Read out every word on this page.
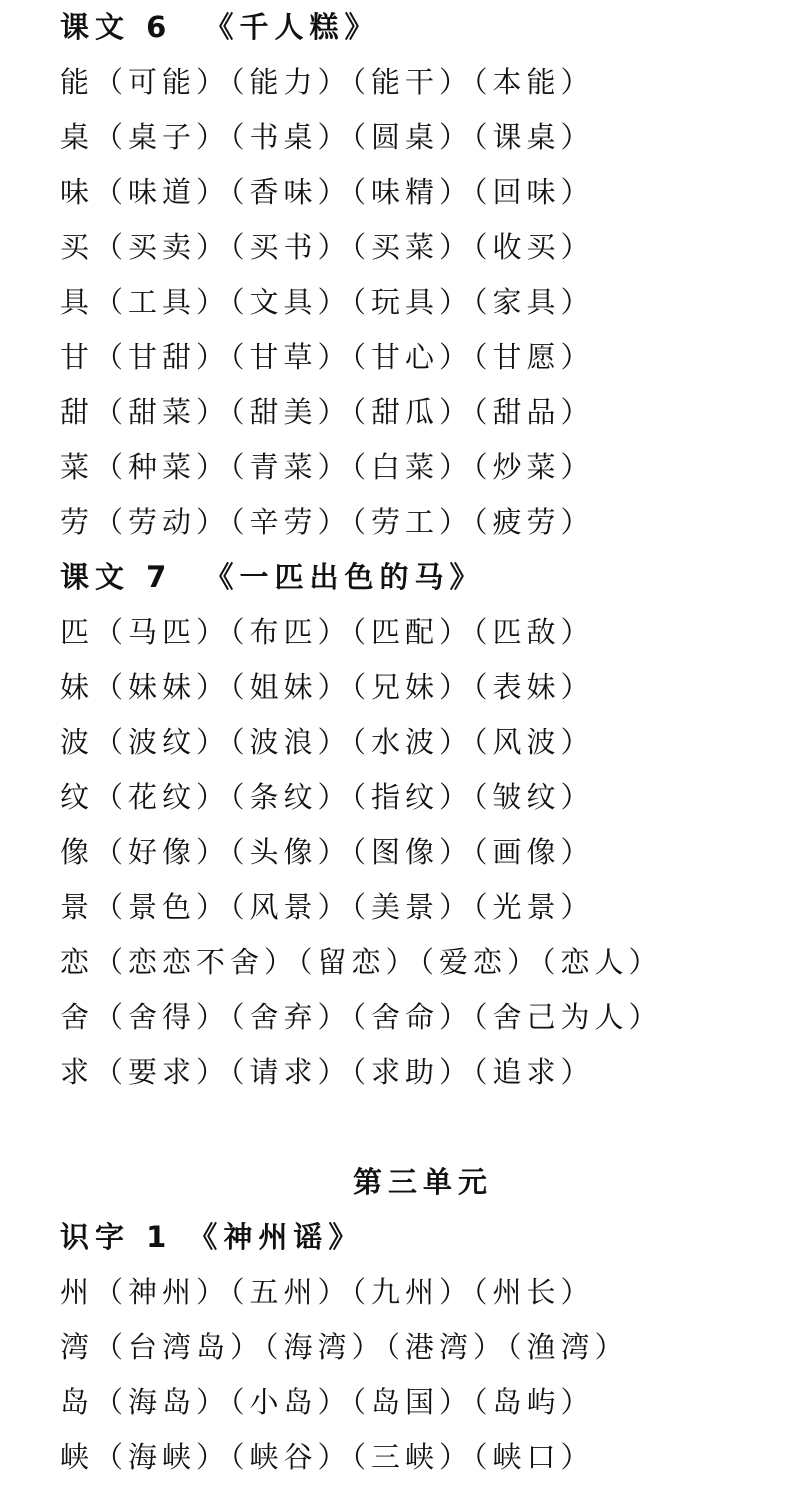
课文 6  《千人糕》
能（可能）（能力）（能干）（本能）
桌（桌子）（书桌）（圆桌）（课桌）
味（味道）（香味）（味精）（回味）
买（买卖）（买书）（买菜）（收买）
具（工具）（文具）（玩具）（家具）
甘（甘甜）（甘草）（甘心）（甘愿）
甜（甜菜）（甜美）（甜瓜）（甜品）
菜（种菜）（青菜）（白菜）（炒菜）
劳（劳动）（辛劳）（劳工）（疲劳）
课文 7  《一匹出色的马》
匹（马匹）（布匹）（匹配）（匹敌）
妹（妹妹）（姐妹）（兄妹）（表妹）
波（波纹）（波浪）（水波）（风波）
纹（花纹）（条纹）（指纹）（皱纹）
像（好像）（头像）（图像）（画像）
景（景色）（风景）（美景）（光景）
恋（恋恋不舍）（留恋）（爱恋）（恋人）
舍（舍得）（舍弃）（舍命）（舍己为人）
求（要求）（请求）（求助）（追求）
第三单元
识字 1 《神州谣》
州（神州）（五州）（九州）（州长）
湾（台湾岛）（海湾）（港湾）（渔湾）
岛（海岛）（小岛）（岛国）（岛屿）
峡（海峡）（峡谷）（三峡）（峡口）
